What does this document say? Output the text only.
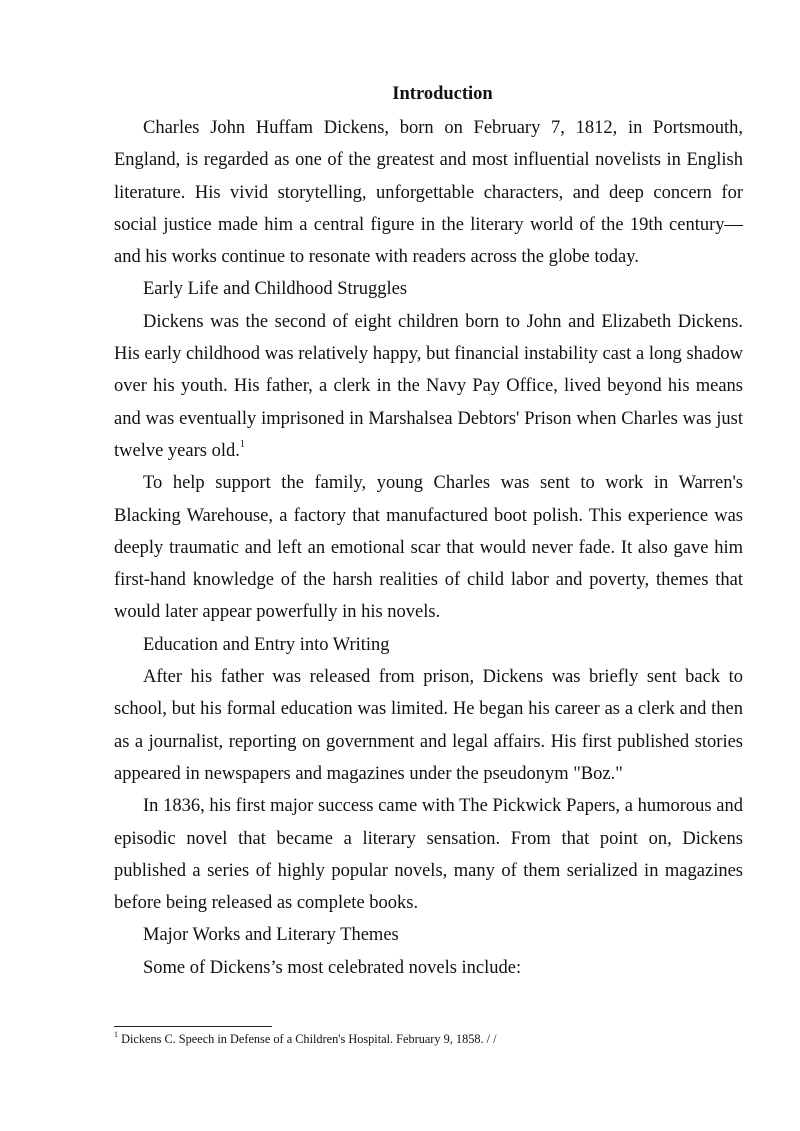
Introduction

Charles John Huffam Dickens, born on February 7, 1812, in Portsmouth, England, is regarded as one of the greatest and most influential novelists in English literature. His vivid storytelling, unforgettable characters, and deep concern for social justice made him a central figure in the literary world of the 19th century—and his works continue to resonate with readers across the globe today.

Early Life and Childhood Struggles

Dickens was the second of eight children born to John and Elizabeth Dickens. His early childhood was relatively happy, but financial instability cast a long shadow over his youth. His father, a clerk in the Navy Pay Office, lived beyond his means and was eventually imprisoned in Marshalsea Debtors' Prison when Charles was just twelve years old.$^1$

To help support the family, young Charles was sent to work in Warren's Blacking Warehouse, a factory that manufactured boot polish. This experience was deeply traumatic and left an emotional scar that would never fade. It also gave him first-hand knowledge of the harsh realities of child labor and poverty, themes that would later appear powerfully in his novels.

Education and Entry into Writing

After his father was released from prison, Dickens was briefly sent back to school, but his formal education was limited. He began his career as a clerk and then as a journalist, reporting on government and legal affairs. His first published stories appeared in newspapers and magazines under the pseudonym "Boz."

In 1836, his first major success came with The Pickwick Papers, a humorous and episodic novel that became a literary sensation. From that point on, Dickens published a series of highly popular novels, many of them serialized in magazines before being released as complete books.

Major Works and Literary Themes

Some of Dickens’s most celebrated novels include:

$^1$ Dickens C. Speech in Defense of a Children's Hospital. February 9, 1858. / /
